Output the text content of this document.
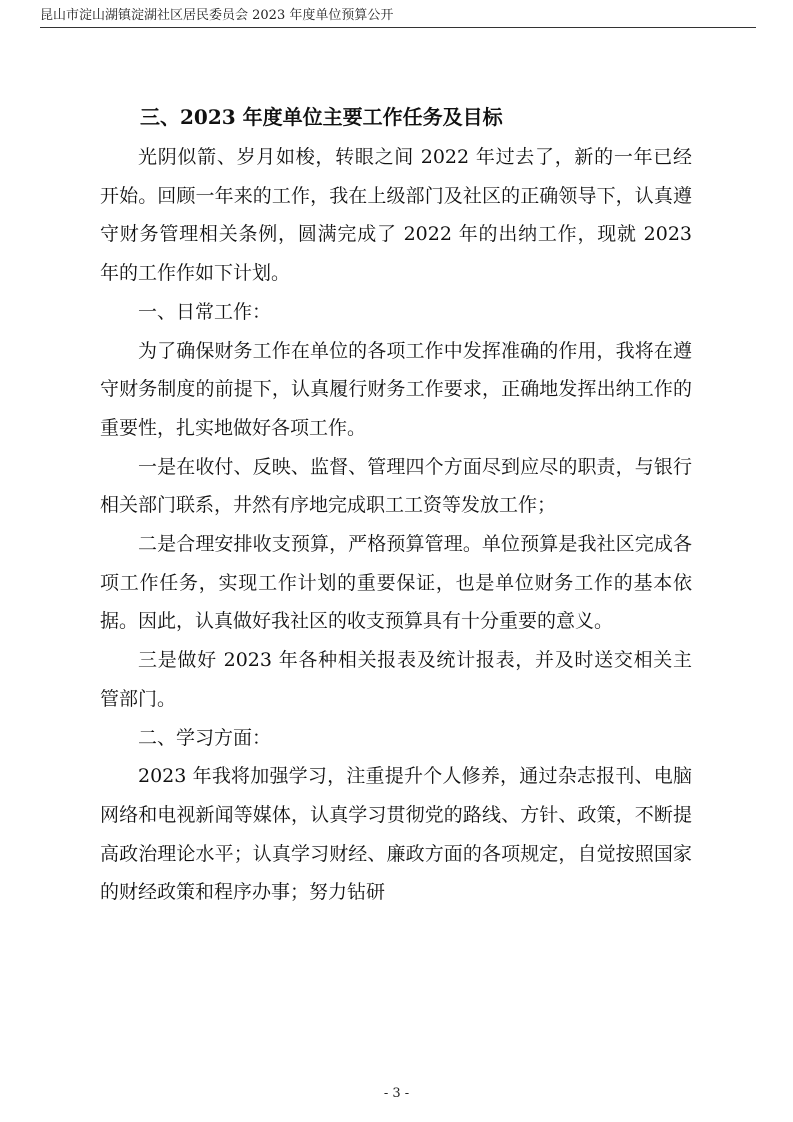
昆山市淀山湖镇淀湖社区居民委员会 2023 年度单位预算公开
三、2023 年度单位主要工作任务及目标

光阴似箭、岁月如梭，转眼之间 2022 年过去了，新的一年已经开始。回顾一年来的工作，我在上级部门及社区的正确领导下，认真遵守财务管理相关条例，圆满完成了 2022 年的出纳工作，现就 2023 年的工作作如下计划。

一、日常工作：

为了确保财务工作在单位的各项工作中发挥准确的作用，我将在遵守财务制度的前提下，认真履行财务工作要求，正确地发挥出纳工作的重要性，扎实地做好各项工作。

一是在收付、反映、监督、管理四个方面尽到应尽的职责，与银行相关部门联系，井然有序地完成职工工资等发放工作；

二是合理安排收支预算，严格预算管理。单位预算是我社区完成各项工作任务，实现工作计划的重要保证，也是单位财务工作的基本依据。因此，认真做好我社区的收支预算具有十分重要的意义。

三是做好 2023 年各种相关报表及统计报表，并及时送交相关主管部门。

二、学习方面：

2023 年我将加强学习，注重提升个人修养，通过杂志报刊、电脑网络和电视新闻等媒体，认真学习贯彻党的路线、方针、政策，不断提高政治理论水平；认真学习财经、廉政方面的各项规定，自觉按照国家的财经政策和程序办事；努力钻研

- 3 -
